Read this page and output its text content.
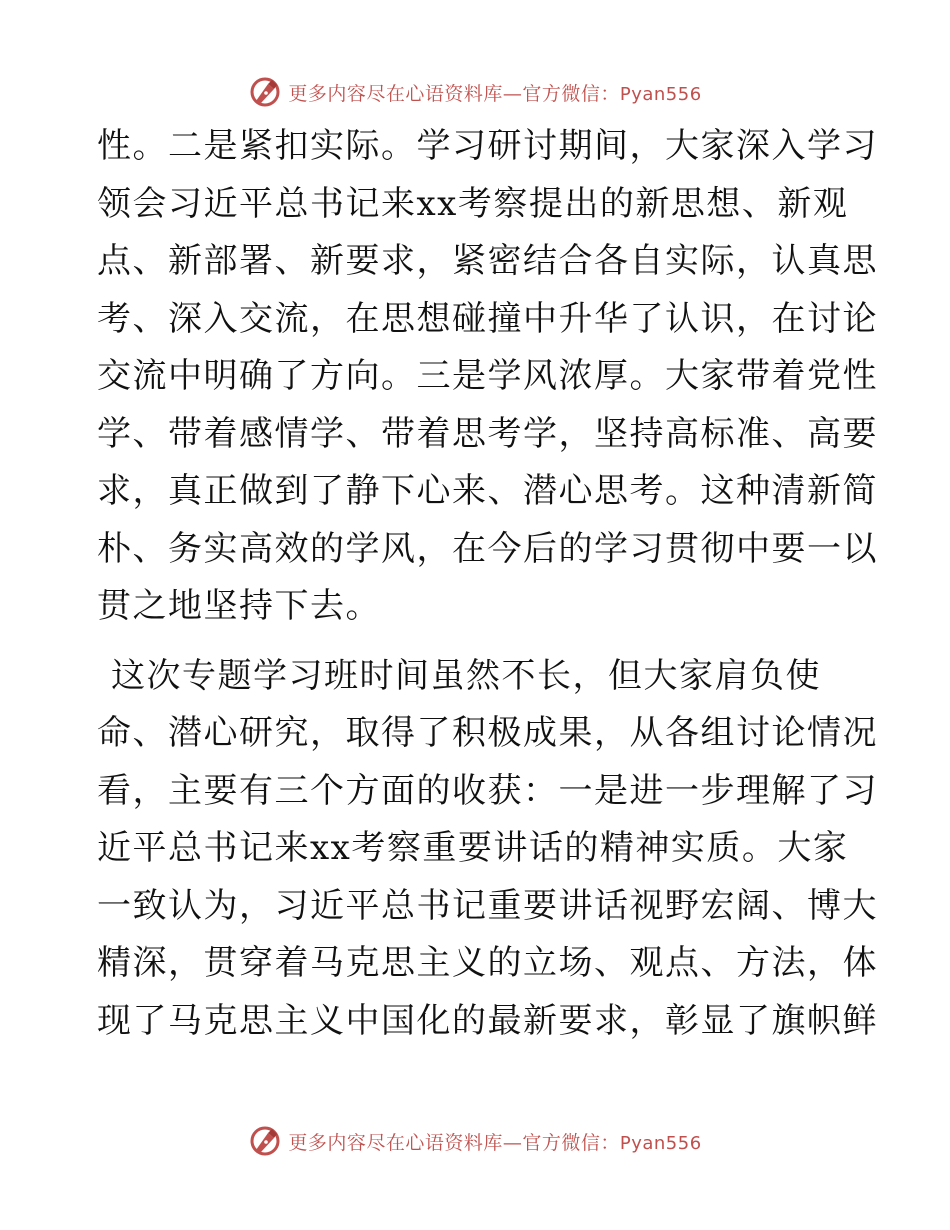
更多内容尽在心语资料库—官方微信：Pyan556
性。二是紧扣实际。学习研讨期间，大家深入学习
领会习近平总书记来xx考察提出的新思想、新观
点、新部署、新要求，紧密结合各自实际，认真思
考、深入交流，在思想碰撞中升华了认识，在讨论
交流中明确了方向。三是学风浓厚。大家带着党性
学、带着感情学、带着思考学，坚持高标准、高要
求，真正做到了静下心来、潜心思考。这种清新简
朴、务实高效的学风，在今后的学习贯彻中要一以
贯之地坚持下去。
这次专题学习班时间虽然不长，但大家肩负使
命、潜心研究，取得了积极成果，从各组讨论情况
看，主要有三个方面的收获：一是进一步理解了习
近平总书记来xx考察重要讲话的精神实质。大家
一致认为，习近平总书记重要讲话视野宏阔、博大
精深，贯穿着马克思主义的立场、观点、方法，体
现了马克思主义中国化的最新要求，彰显了旗帜鲜
更多内容尽在心语资料库—官方微信：Pyan556
